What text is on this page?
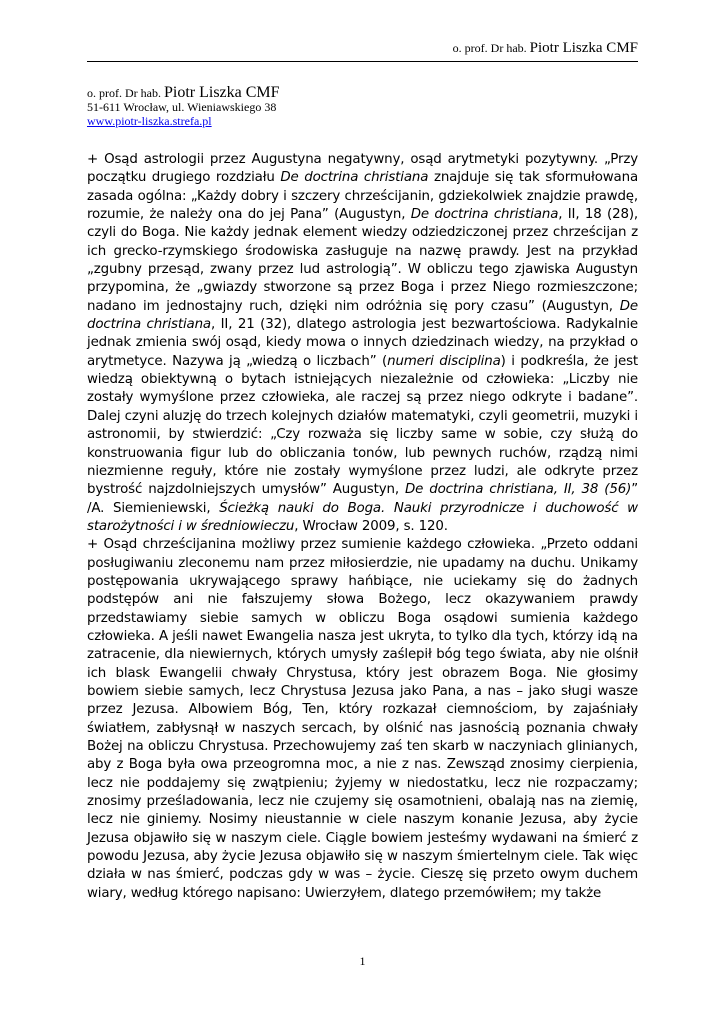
o. prof. Dr hab. Piotr Liszka CMF
o. prof. Dr hab. Piotr Liszka CMF
51-611 Wrocław, ul. Wieniawskiego 38
www.piotr-liszka.strefa.pl

+ Osąd astrologii przez Augustyna negatywny, osąd arytmetyki pozytywny. „Przy początku drugiego rozdziału De doctrina christiana znajduje się tak sformułowana zasada ogólna: „Każdy dobry i szczery chrześcijanin, gdziekolwiek znajdzie prawdę, rozumie, że należy ona do jej Pana” (Augustyn, De doctrina christiana, II, 18 (28), czyli do Boga. Nie każdy jednak element wiedzy odziedziczonej przez chrześcijan z ich grecko-rzymskiego środowiska zasługuje na nazwę prawdy. Jest na przykład „zgubny przesąd, zwany przez lud astrologią”. W obliczu tego zjawiska Augustyn przypomina, że „gwiazdy stworzone są przez Boga i przez Niego rozmieszczone; nadano im jednostajny ruch, dzięki nim odróżnia się pory czasu” (Augustyn, De doctrina christiana, II, 21 (32), dlatego astrologia jest bezwartościowa. Radykalnie jednak zmienia swój osąd, kiedy mowa o innych dziedzinach wiedzy, na przykład o arytmetyce. Nazywa ją „wiedzą o liczbach” (numeri disciplina) i podkreśla, że jest wiedzą obiektywną o bytach istniejących niezależnie od człowieka: „Liczby nie zostały wymyślone przez człowieka, ale raczej są przez niego odkryte i badane”. Dalej czyni aluzję do trzech kolejnych działów matematyki, czyli geometrii, muzyki i astronomii, by stwierdzić: „Czy rozważa się liczby same w sobie, czy służą do konstruowania figur lub do obliczania tonów, lub pewnych ruchów, rządzą nimi niezmienne reguły, które nie zostały wymyślone przez ludzi, ale odkryte przez bystrość najzdolniejszych umysłów” Augustyn, De doctrina christiana, II, 38 (56)” /A. Siemieniewski, Ścieżką nauki do Boga. Nauki przyrodnicze i duchowość w starożytności i w średniowieczu, Wrocław 2009, s. 120.

+ Osąd chrześcijanina możliwy przez sumienie każdego człowieka. „Przeto oddani posługiwaniu zleconemu nam przez miłosierdzie, nie upadamy na duchu. Unikamy postępowania ukrywającego sprawy hańbiące, nie uciekamy się do żadnych podstępów ani nie fałszujemy słowa Bożego, lecz okazywaniem prawdy przedstawiamy siebie samych w obliczu Boga osądowi sumienia każdego człowieka. A jeśli nawet Ewangelia nasza jest ukryta, to tylko dla tych, którzy idą na zatracenie, dla niewiernych, których umysły zaślepił bóg tego świata, aby nie olśnił ich blask Ewangelii chwały Chrystusa, który jest obrazem Boga. Nie głosimy bowiem siebie samych, lecz Chrystusa Jezusa jako Pana, a nas – jako sługi wasze przez Jezusa. Albowiem Bóg, Ten, który rozkazał ciemnościom, by zajaśniały światłem, zabłysnął w naszych sercach, by olśnić nas jasnością poznania chwały Bożej na obliczu Chrystusa. Przechowujemy zaś ten skarb w naczyniach glinianych, aby z Boga była owa przeogromna moc, a nie z nas. Zewsząd znosimy cierpienia, lecz nie poddajemy się zwątpieniu; żyjemy w niedostatku, lecz nie rozpaczamy; znosimy prześladowania, lecz nie czujemy się osamotnieni, obalają nas na ziemię, lecz nie giniemy. Nosimy nieustannie w ciele naszym konanie Jezusa, aby życie Jezusa objawiło się w naszym ciele. Ciągle bowiem jesteśmy wydawani na śmierć z powodu Jezusa, aby życie Jezusa objawiło się w naszym śmiertelnym ciele. Tak więc działa w nas śmierć, podczas gdy w was – życie. Cieszę się przeto owym duchem wiary, według którego napisano: Uwierzyłem, dlatego przemówiłem; my także

1
